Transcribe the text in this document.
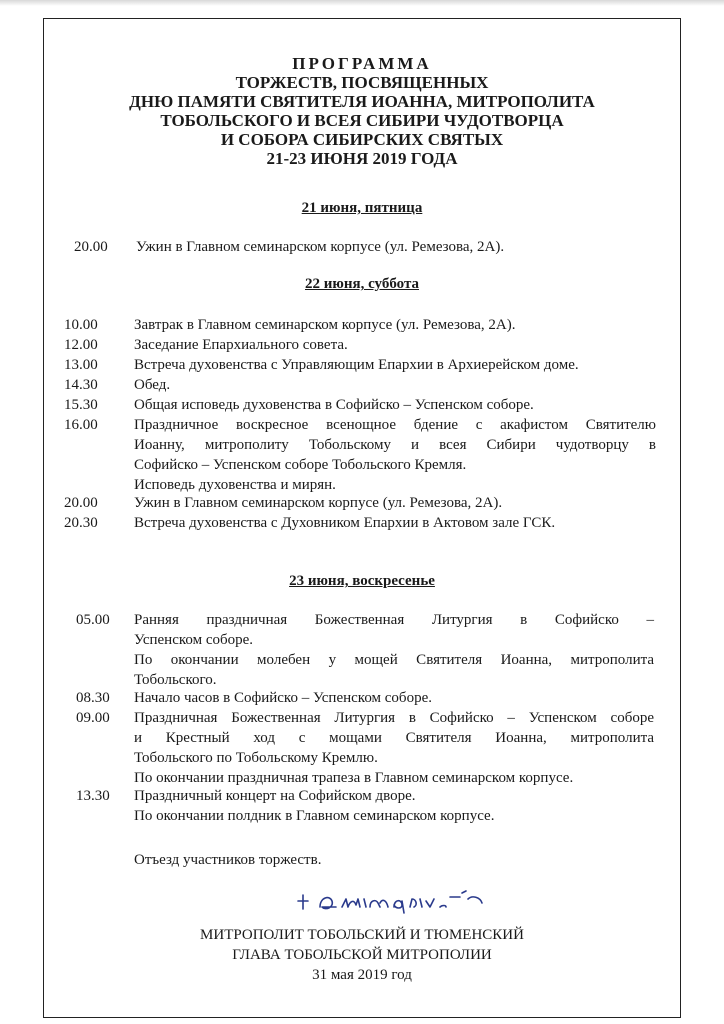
ПРОГРАММА
ТОРЖЕСТВ, ПОСВЯЩЕННЫХ
ДНЮ ПАМЯТИ СВЯТИТЕЛЯ ИОАННА, МИТРОПОЛИТА
ТОБОЛЬСКОГО И ВСЕЯ СИБИРИ ЧУДОТВОРЦА
И СОБОРА СИБИРСКИХ СВЯТЫХ
21-23 ИЮНЯ 2019 ГОДА
21 июня, пятница
20.00	Ужин в Главном семинарском корпусе (ул. Ремезова, 2А).
22 июня, суббота
10.00	Завтрак в Главном семинарском корпусе (ул. Ремезова, 2А).
12.00	Заседание Епархиального совета.
13.00	Встреча духовенства с Управляющим Епархии в Архиерейском доме.
14.30	Обед.
15.30	Общая исповедь духовенства в Софийско – Успенском соборе.
16.00	Праздничное воскресное всенощное бдение с акафистом Святителю
Иоанну, митрополиту Тобольскому и всея Сибири чудотворцу в
Софийско – Успенском соборе Тобольского Кремля.
Исповедь духовенства и мирян.
20.00	Ужин в Главном семинарском корпусе (ул. Ремезова, 2А).
20.30	Встреча духовенства с Духовником Епархии в Актовом зале ГСК.
23 июня, воскресенье
05.00	Ранняя праздничная Божественная Литургия в Софийско –
Успенском соборе.
По окончании молебен у мощей Святителя Иоанна, митрополита
Тобольского.
08.30	Начало часов в Софийско – Успенском соборе.
09.00	Праздничная Божественная Литургия в Софийско – Успенском соборе
и Крестный ход с мощами Святителя Иоанна, митрополита
Тобольского по Тобольскому Кремлю.
По окончании праздничная трапеза в Главном семинарском корпусе.
13.30	Праздничный концерт на Софийском дворе.
По окончании полдник в Главном семинарском корпусе.
Отъезд участников торжеств.
МИТРОПОЛИТ ТОБОЛЬСКИЙ И ТЮМЕНСКИЙ
ГЛАВА ТОБОЛЬСКОЙ МИТРОПОЛИИ
31 мая 2019 год
